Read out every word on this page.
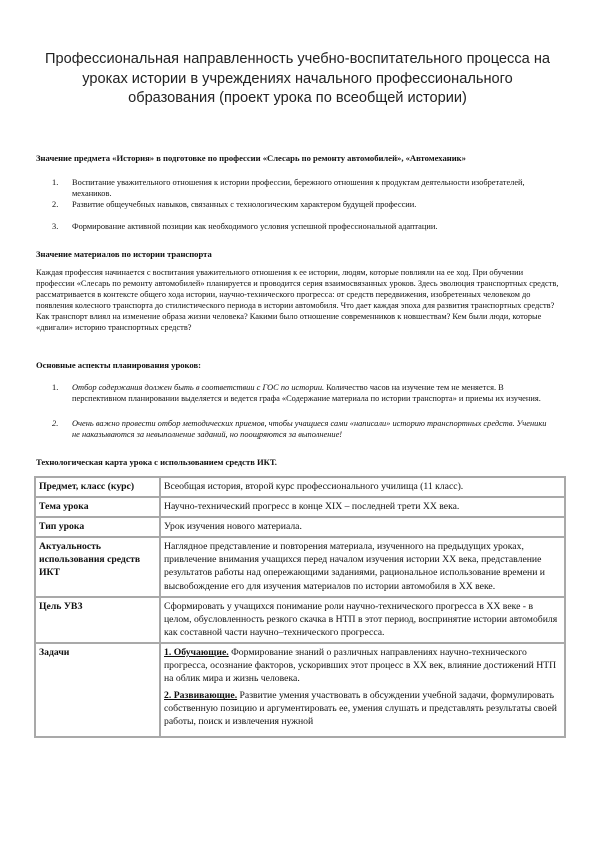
Профессиональная направленность учебно-воспитательного процесса на уроках истории в учреждениях начального профессионального образования (проект урока по всеобщей истории)
Значение предмета «История» в подготовке по профессии «Слесарь по ремонту автомобилей», «Автомеханик»
1.	Воспитание уважительного отношения к истории профессии, бережного отношения к продуктам деятельности изобретателей, механиков.
2.	Развитие общеучебных навыков, связанных с технологическим характером будущей профессии.
3.	Формирование активной позиции как необходимого условия успешной профессиональной адаптации.
Значение материалов по истории транспорта
Каждая профессия начинается с воспитания уважительного отношения к ее истории, людям, которые повлияли на ее ход. При обучении профессии «Слесарь по ремонту автомобилей» планируется и проводится серия взаимосвязанных уроков. Здесь эволюция транспортных средств, рассматривается в контексте общего хода истории, научно-технического прогресса: от средств передвижения, изобретенных человеком до появления колесного транспорта до стилистического периода в истории автомобиля. Что дает каждая эпоха для развития транспортных средств? Как транспорт влиял на изменение образа жизни человека? Какими было отношение современников к новшествам? Кем были люди, которые «двигали» историю транспортных средств?
Основные аспекты планирования уроков:
1.	Отбор содержания должен быть в соответствии с ГОС по истории. Количество часов на изучение тем не меняется. В перспективном планировании выделяется и ведется графа «Содержание материала по истории транспорта» и приемы их изучения.
2.	Очень важно провести отбор методических приемов, чтобы учащиеся сами «написали» историю транспортных средств. Ученики не наказываются за невыполнение заданий, но поощряются за выполнение!
Технологическая карта урока с использованием средств ИКТ.
Предмет, класс (курс)	Всеобщая история, второй курс профессионального училища (11 класс).
Тема урока	Научно-технический прогресс в конце XIX – последней трети XX века.
Тип урока	Урок изучения нового материала.
Актуальность использования средств ИКТ	Наглядное представление и повторения материала, изученного на предыдущих уроках, привлечение внимания учащихся перед началом изучения истории XX века, представление результатов работы над опережающими заданиями, рациональное использование времени и высвобождение его для изучения материалов по истории автомобиля в XX веке.
Цель УВЗ	Сформировать у учащихся понимание роли научно-технического прогресса в XX веке - в целом, обусловленность резкого скачка в НТП в этот период, воспринятие истории автомобиля как составной части научно–технического прогресса.
Задачи	1. Обучающие. Формирование знаний о различных направлениях научно-технического прогресса, осознание факторов, ускоривших этот процесс в XX век, влияние достижений НТП на облик мира и жизнь человека.
2. Развивающие. Развитие умения участвовать в обсуждении учебной задачи, формулировать собственную позицию и аргументировать ее, умения слушать и представлять результаты своей работы, поиск и извлечения нужной
